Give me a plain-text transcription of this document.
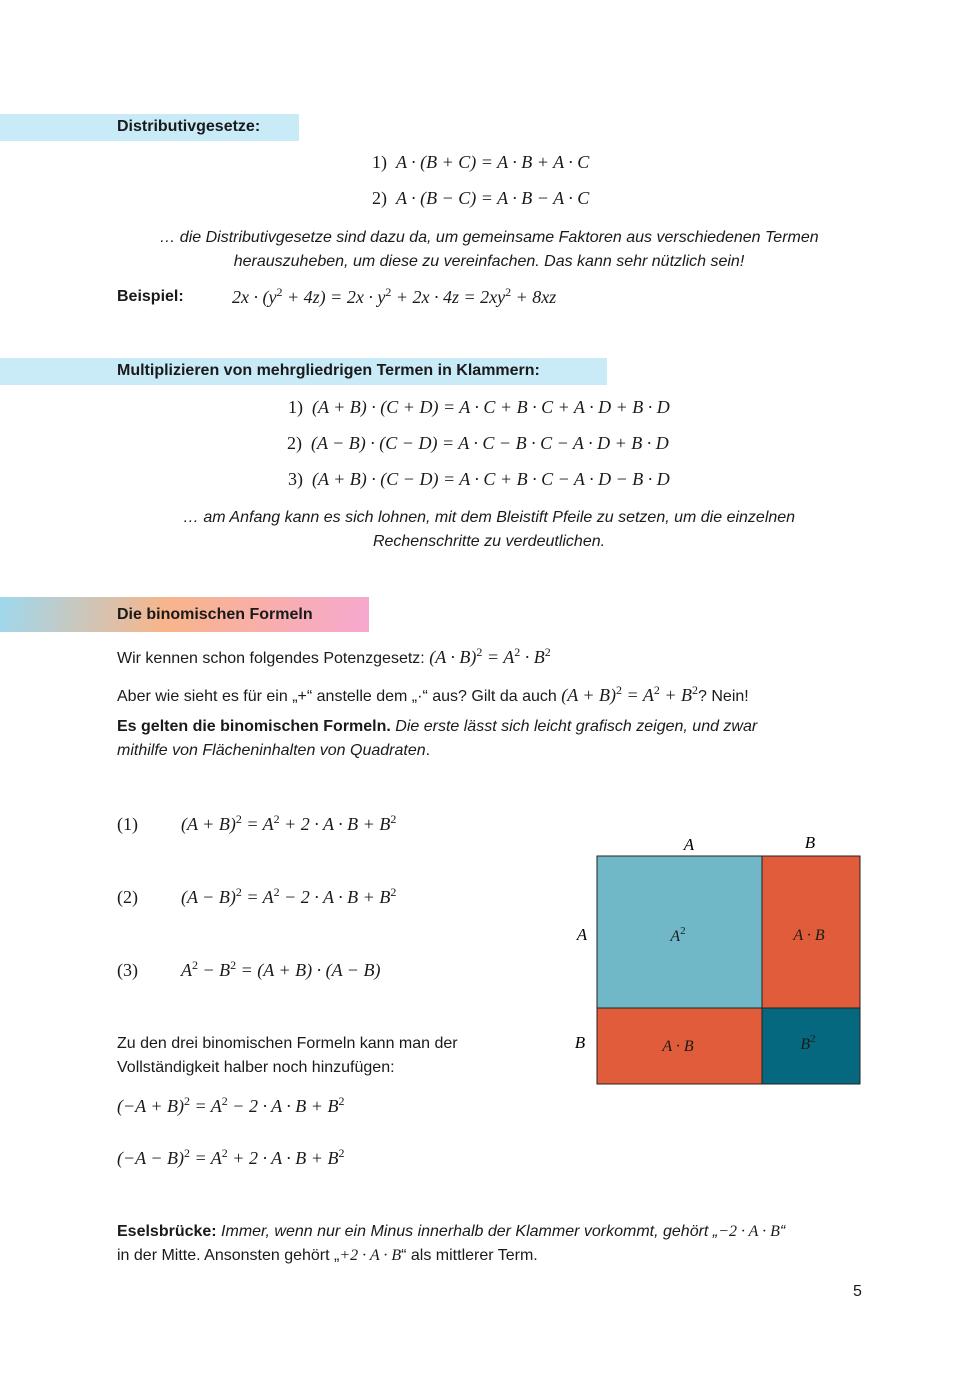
Distributivgesetze:
1) A · (B + C) = A · B + A · C
2) A · (B − C) = A · B − A · C
… die Distributivgesetze sind dazu da, um gemeinsame Faktoren aus verschiedenen Termen
herauszuheben, um diese zu vereinfachen. Das kann sehr nützlich sein!
Beispiel:	$2x \cdot (y^2 + 4z) = 2x \cdot y^2 + 2x \cdot 4z = 2xy^2 + 8xz$
Multiplizieren von mehrgliedrigen Termen in Klammern:
1) (A + B) · (C + D) = A · C + B · C + A · D + B · D
2) (A − B) · (C − D) = A · C − B · C − A · D + B · D
3) (A + B) · (C − D) = A · C + B · C − A · D − B · D
… am Anfang kann es sich lohnen, mit dem Bleistift Pfeile zu setzen, um die einzelnen
Rechenschritte zu verdeutlichen.
Die binomischen Formeln
Wir kennen schon folgendes Potenzgesetz: $(A \cdot B)^2 = A^2 \cdot B^2$
Aber wie sieht es für ein „+“ anstelle dem „·“ aus? Gilt da auch $(A + B)^2 = A^2 + B^2$? Nein!
Es gelten die binomischen Formeln. Die erste lässt sich leicht grafisch zeigen, und zwar
mithilfe von Flächeninhalten von Quadraten.
(1) $(A + B)^2 = A^2 + 2 \cdot A \cdot B + B^2$
(2) $(A - B)^2 = A^2 - 2 \cdot A \cdot B + B^2$
(3) $A^2 - B^2 = (A + B) \cdot (A - B)$
Zu den drei binomischen Formeln kann man der
Vollständigkeit halber noch hinzufügen:
$(-A + B)^2 = A^2 - 2 \cdot A \cdot B + B^2$
$(-A - B)^2 = A^2 + 2 \cdot A \cdot B + B^2$
Eselsbrücke: Immer, wenn nur ein Minus innerhalb der Klammer vorkommt, gehört „−2 · A · B“
in der Mitte. Ansonsten gehört „+2 · A · B“ als mittlerer Term.
A	B
A
B
$A^2$	A · B
A · B	$B^2$
5
